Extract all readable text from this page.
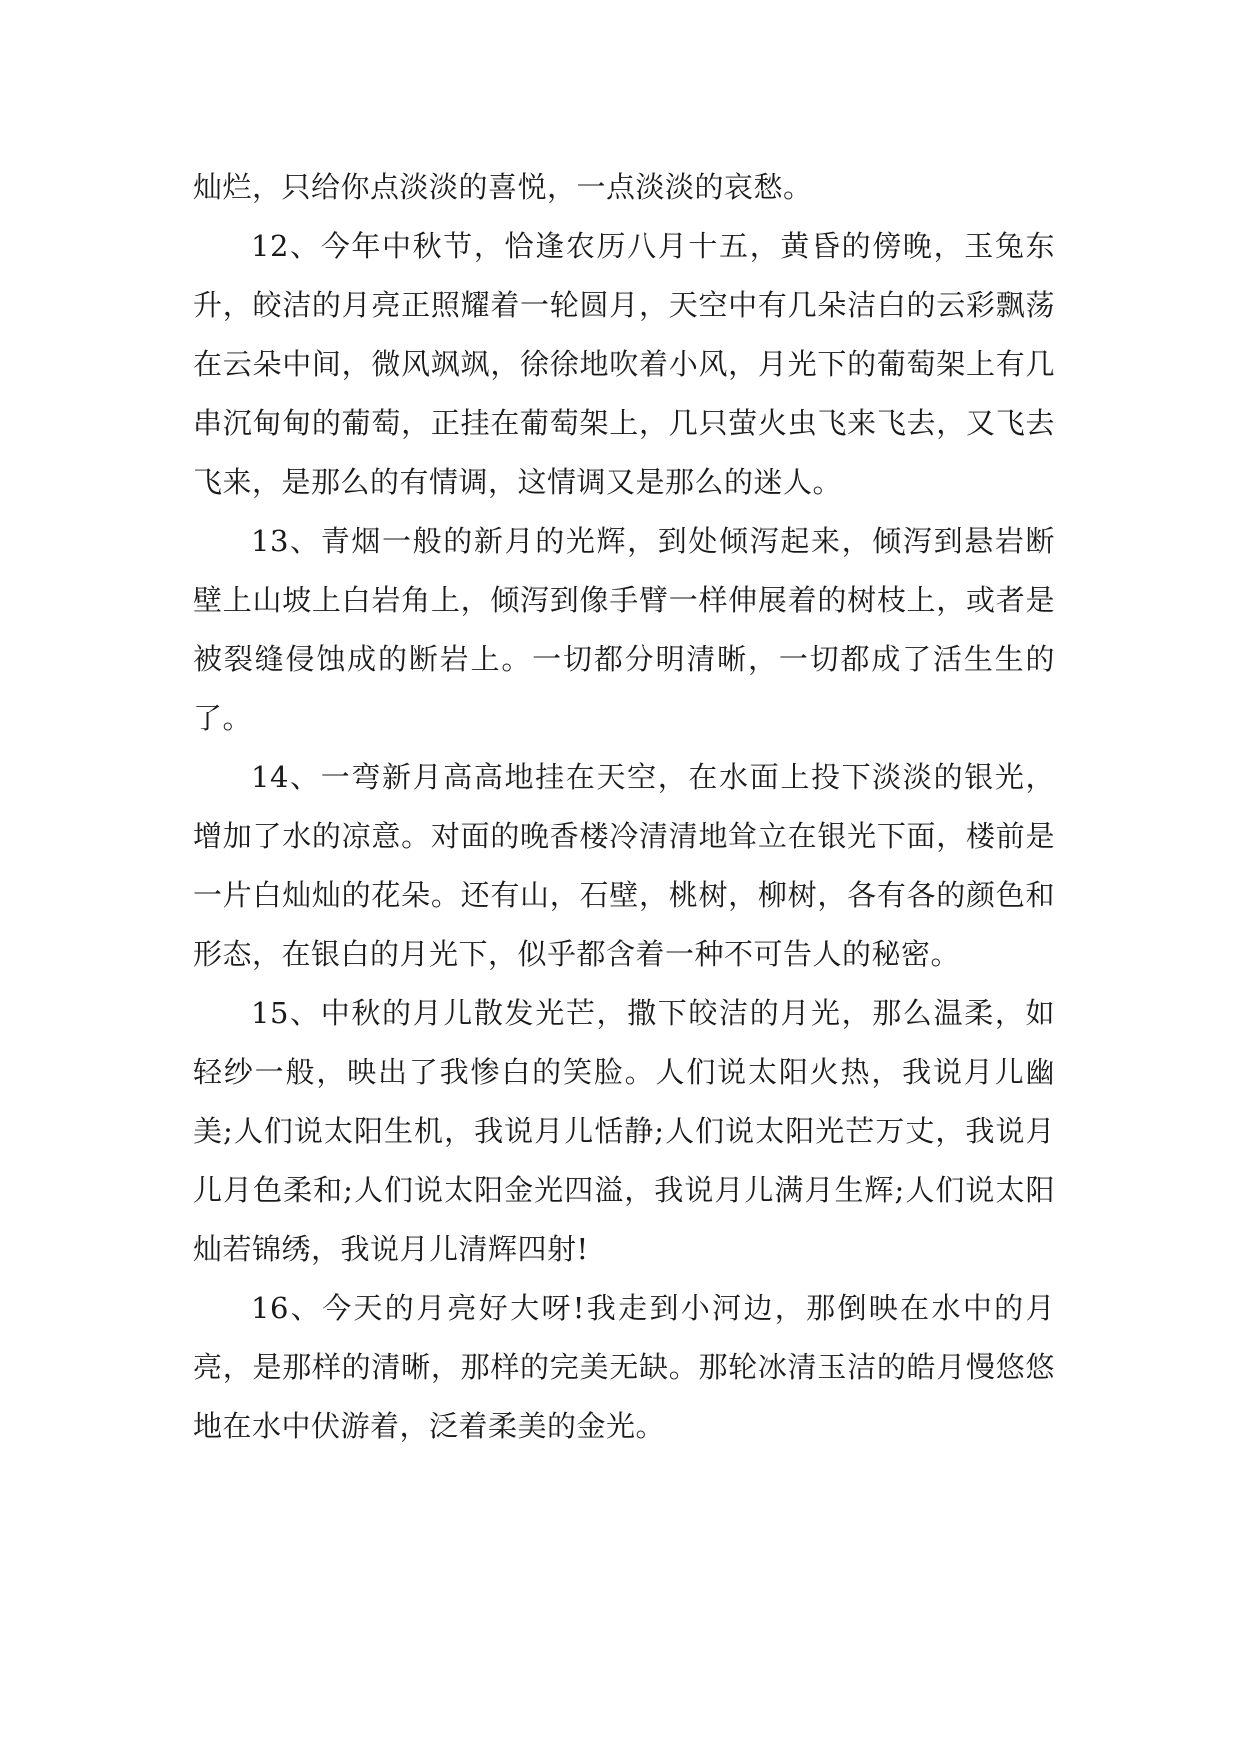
灿烂，只给你点淡淡的喜悦，一点淡淡的哀愁。

12、今年中秋节，恰逢农历八月十五，黄昏的傍晚，玉兔东升，皎洁的月亮正照耀着一轮圆月，天空中有几朵洁白的云彩飘荡在云朵中间，微风飒飒，徐徐地吹着小风，月光下的葡萄架上有几串沉甸甸的葡萄，正挂在葡萄架上，几只萤火虫飞来飞去，又飞去飞来，是那么的有情调，这情调又是那么的迷人。

13、青烟一般的新月的光辉，到处倾泻起来，倾泻到悬岩断壁上山坡上白岩角上，倾泻到像手臂一样伸展着的树枝上，或者是被裂缝侵蚀成的断岩上。一切都分明清晰，一切都成了活生生的了。

14、一弯新月高高地挂在天空，在水面上投下淡淡的银光，增加了水的凉意。对面的晚香楼冷清清地耸立在银光下面，楼前是一片白灿灿的花朵。还有山，石壁，桃树，柳树，各有各的颜色和形态，在银白的月光下，似乎都含着一种不可告人的秘密。

15、中秋的月儿散发光芒，撒下皎洁的月光，那么温柔，如轻纱一般，映出了我惨白的笑脸。人们说太阳火热，我说月儿幽美;人们说太阳生机，我说月儿恬静;人们说太阳光芒万丈，我说月儿月色柔和;人们说太阳金光四溢，我说月儿满月生辉;人们说太阳灿若锦绣，我说月儿清辉四射!

16、今天的月亮好大呀!我走到小河边，那倒映在水中的月亮，是那样的清晰，那样的完美无缺。那轮冰清玉洁的皓月慢悠悠地在水中伏游着，泛着柔美的金光。
